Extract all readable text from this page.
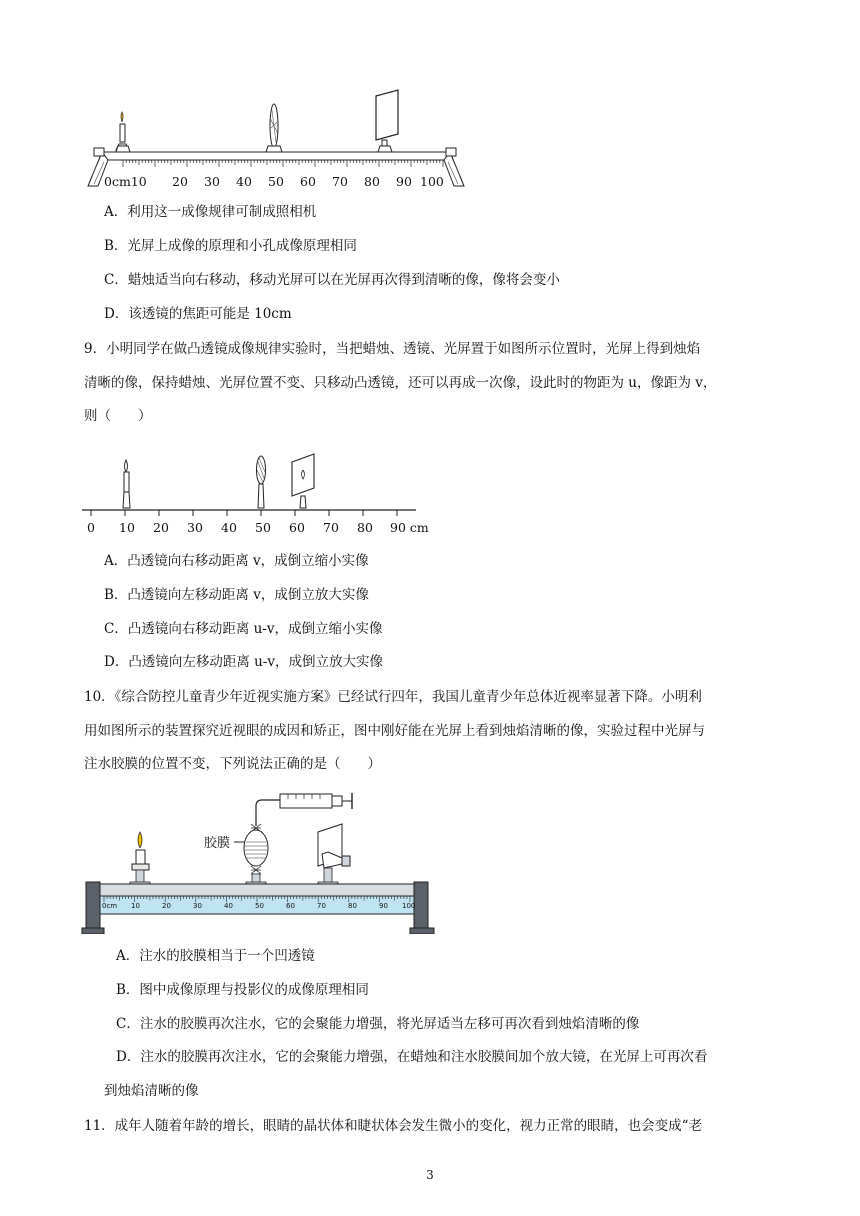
0cm10 20 30 40 50 60 70 80 90 100
A．利用这一成像规律可制成照相机
B．光屏上成像的原理和小孔成像原理相同
C．蜡烛适当向右移动，移动光屏可以在光屏再次得到清晰的像，像将会变小
D．该透镜的焦距可能是 10cm
9．小明同学在做凸透镜成像规律实验时，当把蜡烛、透镜、光屏置于如图所示位置时，光屏上得到烛焰
清晰的像，保持蜡烛、光屏位置不变、只移动凸透镜，还可以再成一次像，设此时的物距为 u，像距为 v，
则（　　）
0 10 20 30 40 50 60 70 80 90 cm
A．凸透镜向右移动距离 v，成倒立缩小实像
B．凸透镜向左移动距离 v，成倒立放大实像
C．凸透镜向右移动距离 u-v，成倒立缩小实像
D．凸透镜向左移动距离 u-v，成倒立放大实像
10．《综合防控儿童青少年近视实施方案》已经试行四年，我国儿童青少年总体近视率显著下降。小明利
用如图所示的装置探究近视眼的成因和矫正，图中刚好能在光屏上看到烛焰清晰的像，实验过程中光屏与
注水胶膜的位置不变，下列说法正确的是（　　）
胶膜
0cm 10	20	30	40	50	60	70	80	90 100
A．注水的胶膜相当于一个凹透镜
B．图中成像原理与投影仪的成像原理相同
C．注水的胶膜再次注水，它的会聚能力增强，将光屏适当左移可再次看到烛焰清晰的像
D．注水的胶膜再次注水，它的会聚能力增强，在蜡烛和注水胶膜间加个放大镜，在光屏上可再次看
到烛焰清晰的像
11．成年人随着年龄的增长，眼睛的晶状体和睫状体会发生微小的变化，视力正常的眼睛，也会变成“老
3
